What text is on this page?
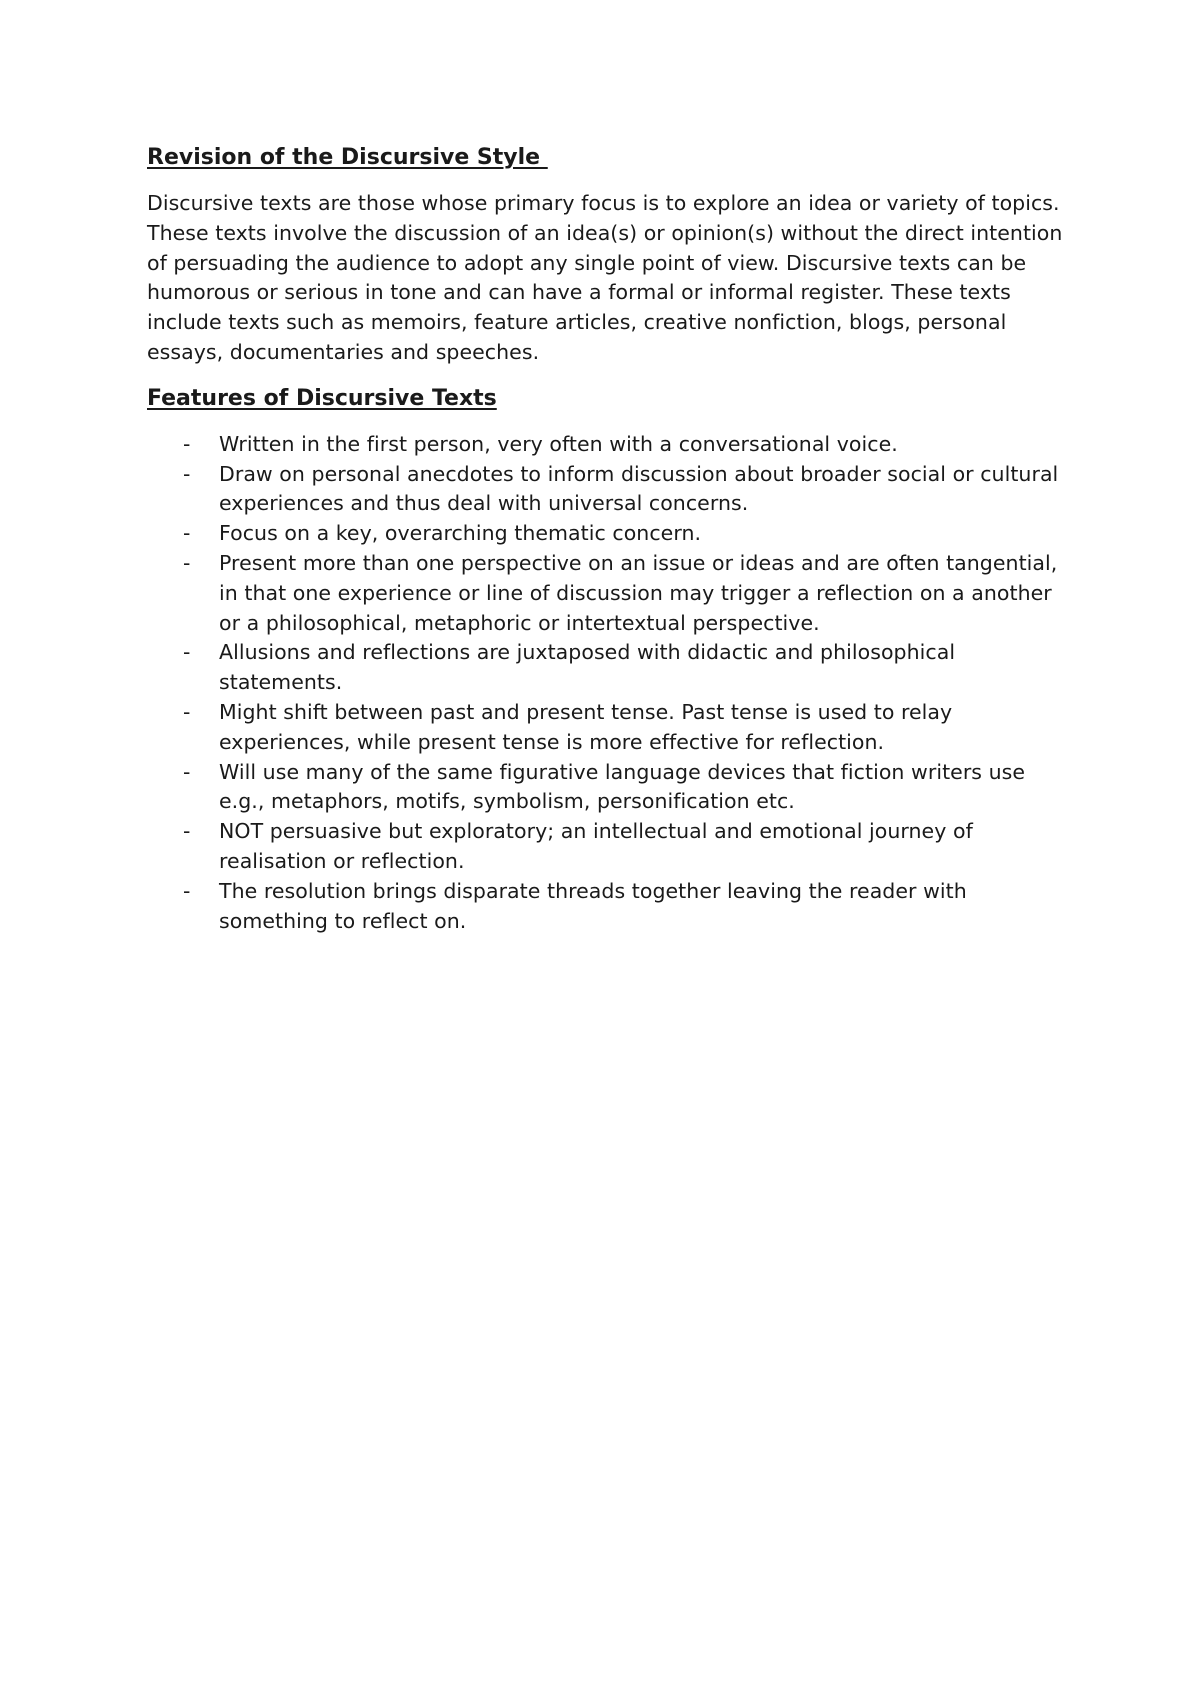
Revision of the Discursive Style

Discursive texts are those whose primary focus is to explore an idea or variety of topics. These texts involve the discussion of an idea(s) or opinion(s) without the direct intention of persuading the audience to adopt any single point of view. Discursive texts can be humorous or serious in tone and can have a formal or informal register. These texts include texts such as memoirs, feature articles, creative nonfiction, blogs, personal essays, documentaries and speeches.

Features of Discursive Texts
- Written in the first person, very often with a conversational voice.
- Draw on personal anecdotes to inform discussion about broader social or cultural experiences and thus deal with universal concerns.
- Focus on a key, overarching thematic concern.
- Present more than one perspective on an issue or ideas and are often tangential, in that one experience or line of discussion may trigger a reflection on a another or a philosophical, metaphoric or intertextual perspective.
- Allusions and reflections are juxtaposed with didactic and philosophical statements.
- Might shift between past and present tense. Past tense is used to relay experiences, while present tense is more effective for reflection.
- Will use many of the same figurative language devices that fiction writers use e.g., metaphors, motifs, symbolism, personification etc.
- NOT persuasive but exploratory; an intellectual and emotional journey of realisation or reflection.
- The resolution brings disparate threads together leaving the reader with something to reflect on.
